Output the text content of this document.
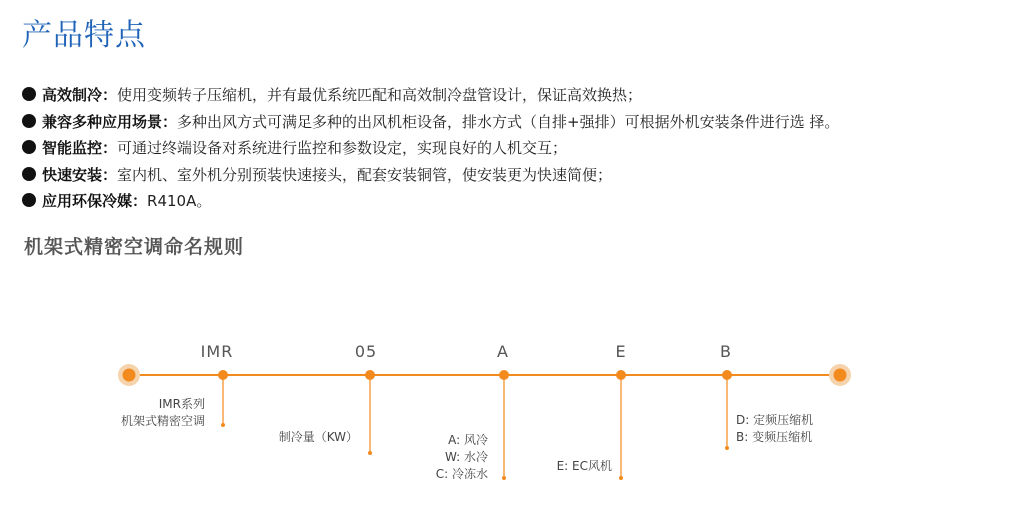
产品特点
高效制冷：使用变频转子压缩机，并有最优系统匹配和高效制冷盘管设计，保证高效换热；
兼容多种应用场景：多种出风方式可满足多种的出风机柜设备，排水方式（自排+强排）可根据外机安装条件进行选 择。
智能监控：可通过终端设备对系统进行监控和参数设定，实现良好的人机交互；
快速安装：室内机、室外机分别预装快速接头，配套安装铜管，使安装更为快速简便；
应用环保冷媒：R410A。
机架式精密空调命名规则
IMR	05	A	E	B
IMR系列
机架式精密空调
制冷量（KW）	A: 风冷
W: 水冷
C: 冷冻水
E: EC风机
D: 定频压缩机
B: 变频压缩机
